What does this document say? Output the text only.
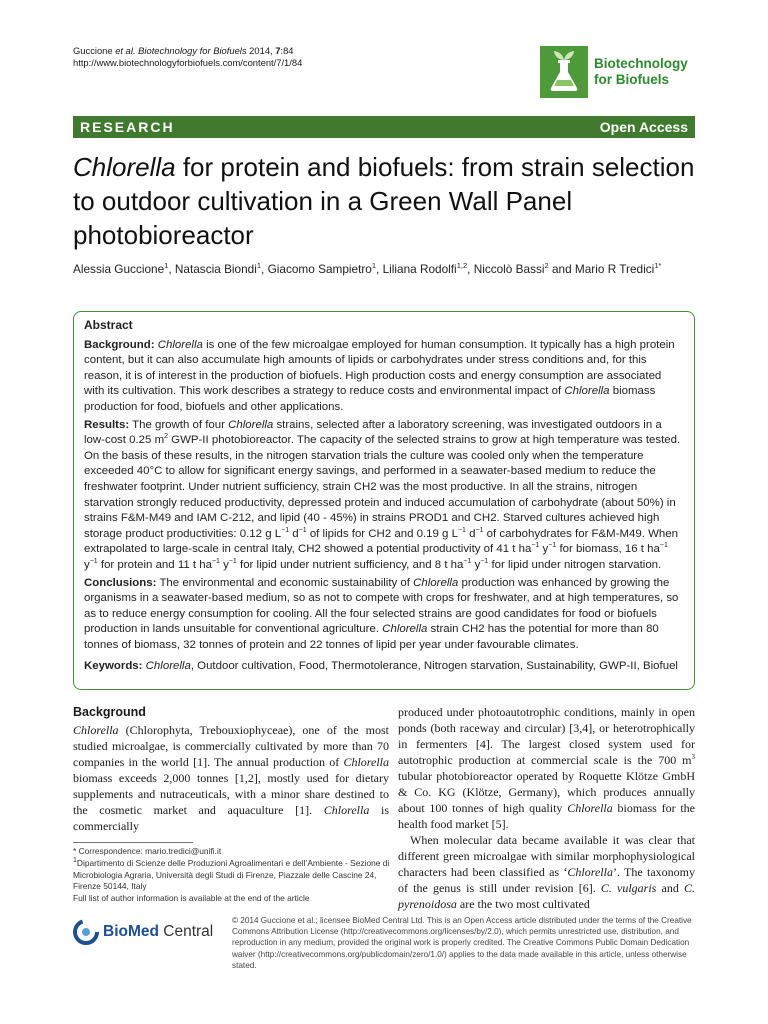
Guccione et al. Biotechnology for Biofuels 2014, 7:84
http://www.biotechnologyforbiofuels.com/content/7/1/84	Biotechnology
for Biofuels
RESEARCH	Open Access
Chlorella for protein and biofuels: from strain selection to outdoor cultivation in a Green Wall Panel photobioreactor
Alessia Guccione$^1$, Natascia Biondi$^1$, Giacomo Sampietro$^1$, Liliana Rodolfi$^{1,2}$, Niccolò Bassi$^2$ and Mario R Tredici$^{1*}$
Abstract

Background: Chlorella is one of the few microalgae employed for human consumption. It typically has a high protein content, but it can also accumulate high amounts of lipids or carbohydrates under stress conditions and, for this reason, it is of interest in the production of biofuels. High production costs and energy consumption are associated with its cultivation. This work describes a strategy to reduce costs and environmental impact of Chlorella biomass production for food, biofuels and other applications.

Results: The growth of four Chlorella strains, selected after a laboratory screening, was investigated outdoors in a low-cost 0.25 $m^2$ GWP-II photobioreactor. The capacity of the selected strains to grow at high temperature was tested. On the basis of these results, in the nitrogen starvation trials the culture was cooled only when the temperature exceeded 40°C to allow for significant energy savings, and performed in a seawater-based medium to reduce the freshwater footprint. Under nutrient sufficiency, strain CH2 was the most productive. In all the strains, nitrogen starvation strongly reduced productivity, depressed protein and induced accumulation of carbohydrate (about 50%) in strains F&M-M49 and IAM C-212, and lipid (40 - 45%) in strains PROD1 and CH2. Starved cultures achieved high storage product productivities: 0.12 g $L^{-1}$ $d^{-1}$ of lipids for CH2 and 0.19 g $L^{-1}$ $d^{-1}$ of carbohydrates for F&M-M49. When extrapolated to large-scale in central Italy, CH2 showed a potential productivity of 41 t $ha^{-1}$ $y^{-1}$ for biomass, 16 t $ha^{-1}$ $y^{-1}$ for protein and 11 t $ha^{-1}$ $y^{-1}$ for lipid under nutrient sufficiency, and 8 t $ha^{-1}$ $y^{-1}$ for lipid under nitrogen starvation.

Conclusions: The environmental and economic sustainability of Chlorella production was enhanced by growing the organisms in a seawater-based medium, so as not to compete with crops for freshwater, and at high temperatures, so as to reduce energy consumption for cooling. All the four selected strains are good candidates for food or biofuels production in lands unsuitable for conventional agriculture. Chlorella strain CH2 has the potential for more than 80 tonnes of biomass, 32 tonnes of protein and 22 tonnes of lipid per year under favourable climates.

Keywords: Chlorella, Outdoor cultivation, Food, Thermotolerance, Nitrogen starvation, Sustainability, GWP-II, Biofuel

Background

Chlorella (Chlorophyta, Trebouxiophyceae), one of the most studied microalgae, is commercially cultivated by more than 70 companies in the world [1]. The annual production of Chlorella biomass exceeds 2,000 tonnes [1,2], mostly used for dietary supplements and nutraceuticals, with a minor share destined to the cosmetic market and aquaculture [1]. Chlorella is commercially

produced under photoautotrophic conditions, mainly in open ponds (both raceway and circular) [3,4], or heterotrophically in fermenters [4]. The largest closed system used for autotrophic production at commercial scale is the 700 $m^3$ tubular photobioreactor operated by Roquette Klötze GmbH & Co. KG (Klötze, Germany), which produces annually about 100 tonnes of high quality Chlorella biomass for the health food market [5].

When molecular data became available it was clear that different green microalgae with similar morphophysiological characters had been classified as ‘Chlorella’. The taxonomy of the genus is still under revision [6]. C. vulgaris and C. pyrenoidosa are the two most cultivated

* Correspondence: mario.tredici@unifi.it

$^1$Dipartimento di Scienze delle Produzioni Agroalimentari e dell’Ambiente - Sezione di Microbiologia Agraria, Università degli Studi di Firenze, Piazzale delle Cascine 24, Firenze 50144, Italy

Full list of author information is available at the end of the article

BioMed Central
© 2014 Guccione et al.; licensee BioMed Central Ltd. This is an Open Access article distributed under the terms of the Creative Commons Attribution License (http://creativecommons.org/licenses/by/2.0), which permits unrestricted use, distribution, and reproduction in any medium, provided the original work is properly credited. The Creative Commons Public Domain Dedication waiver (http://creativecommons.org/publicdomain/zero/1.0/) applies to the data made available in this article, unless otherwise stated.
